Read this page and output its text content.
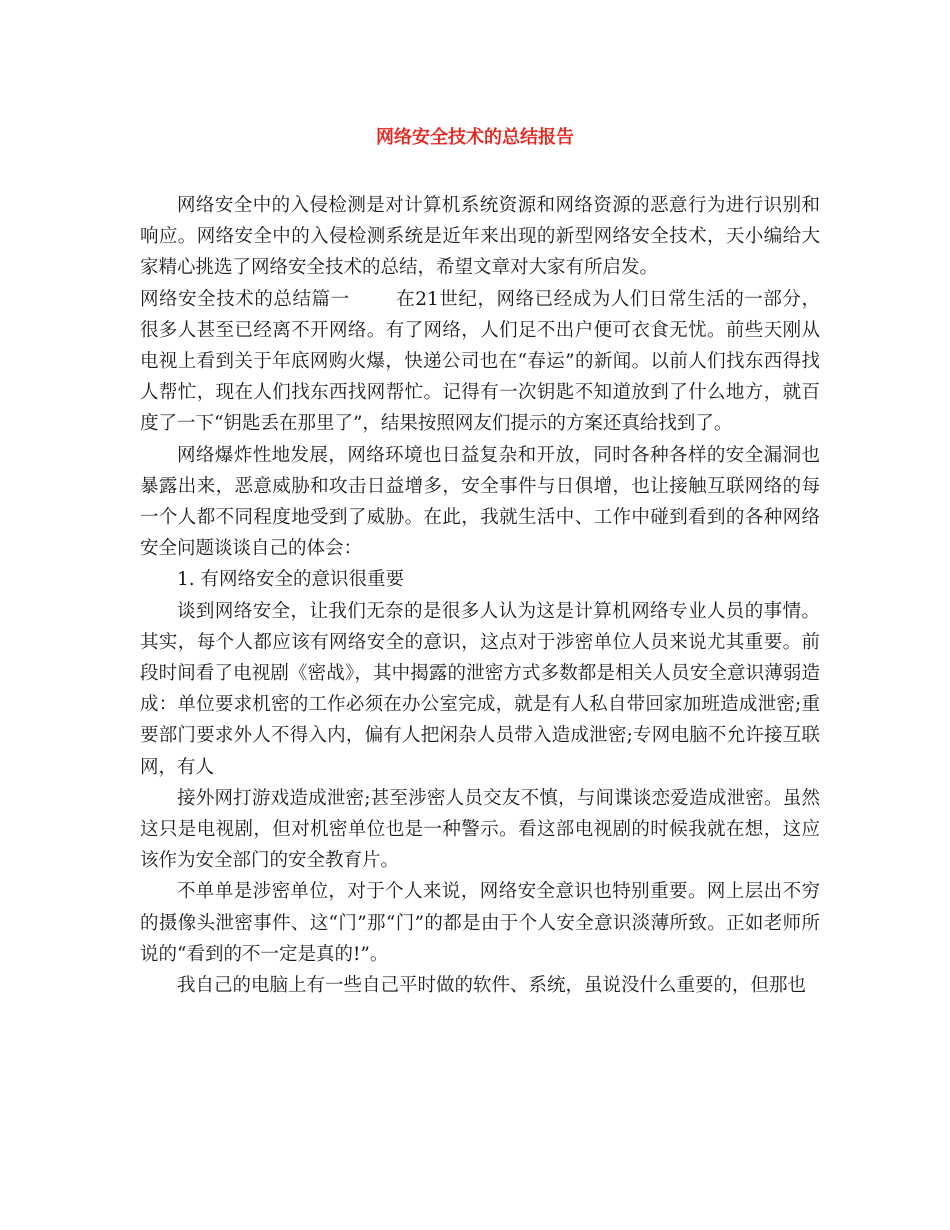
网络安全技术的总结报告

网络安全中的入侵检测是对计算机系统资源和网络资源的恶意行为进行识别和响应。网络安全中的入侵检测系统是近年来出现的新型网络安全技术，天小编给大家精心挑选了网络安全技术的总结，希望文章对大家有所启发。

网络安全技术的总结篇一 在21世纪，网络已经成为人们日常生活的一部分，很多人甚至已经离不开网络。有了网络，人们足不出户便可衣食无忧。前些天刚从电视上看到关于年底网购火爆，快递公司也在“春运”的新闻。以前人们找东西得找人帮忙，现在人们找东西找网帮忙。记得有一次钥匙不知道放到了什么地方，就百度了一下“钥匙丢在那里了”，结果按照网友们提示的方案还真给找到了。

网络爆炸性地发展，网络环境也日益复杂和开放，同时各种各样的安全漏洞也暴露出来，恶意威胁和攻击日益增多，安全事件与日俱增，也让接触互联网络的每一个人都不同程度地受到了威胁。在此，我就生活中、工作中碰到看到的各种网络安全问题谈谈自己的体会：

1. 有网络安全的意识很重要

谈到网络安全，让我们无奈的是很多人认为这是计算机网络专业人员的事情。其实，每个人都应该有网络安全的意识，这点对于涉密单位人员来说尤其重要。前段时间看了电视剧《密战》，其中揭露的泄密方式多数都是相关人员安全意识薄弱造成：单位要求机密的工作必须在办公室完成，就是有人私自带回家加班造成泄密;重要部门要求外人不得入内，偏有人把闲杂人员带入造成泄密;专网电脑不允许接互联网，有人

接外网打游戏造成泄密;甚至涉密人员交友不慎，与间谍谈恋爱造成泄密。虽然这只是电视剧，但对机密单位也是一种警示。看这部电视剧的时候我就在想，这应该作为安全部门的安全教育片。

不单单是涉密单位，对于个人来说，网络安全意识也特别重要。网上层出不穷的摄像头泄密事件、这“门”那“门”的都是由于个人安全意识淡薄所致。正如老师所说的“看到的不一定是真的!”。

我自己的电脑上有一些自己平时做的软件、系统，虽说没什么重要的，但那也
